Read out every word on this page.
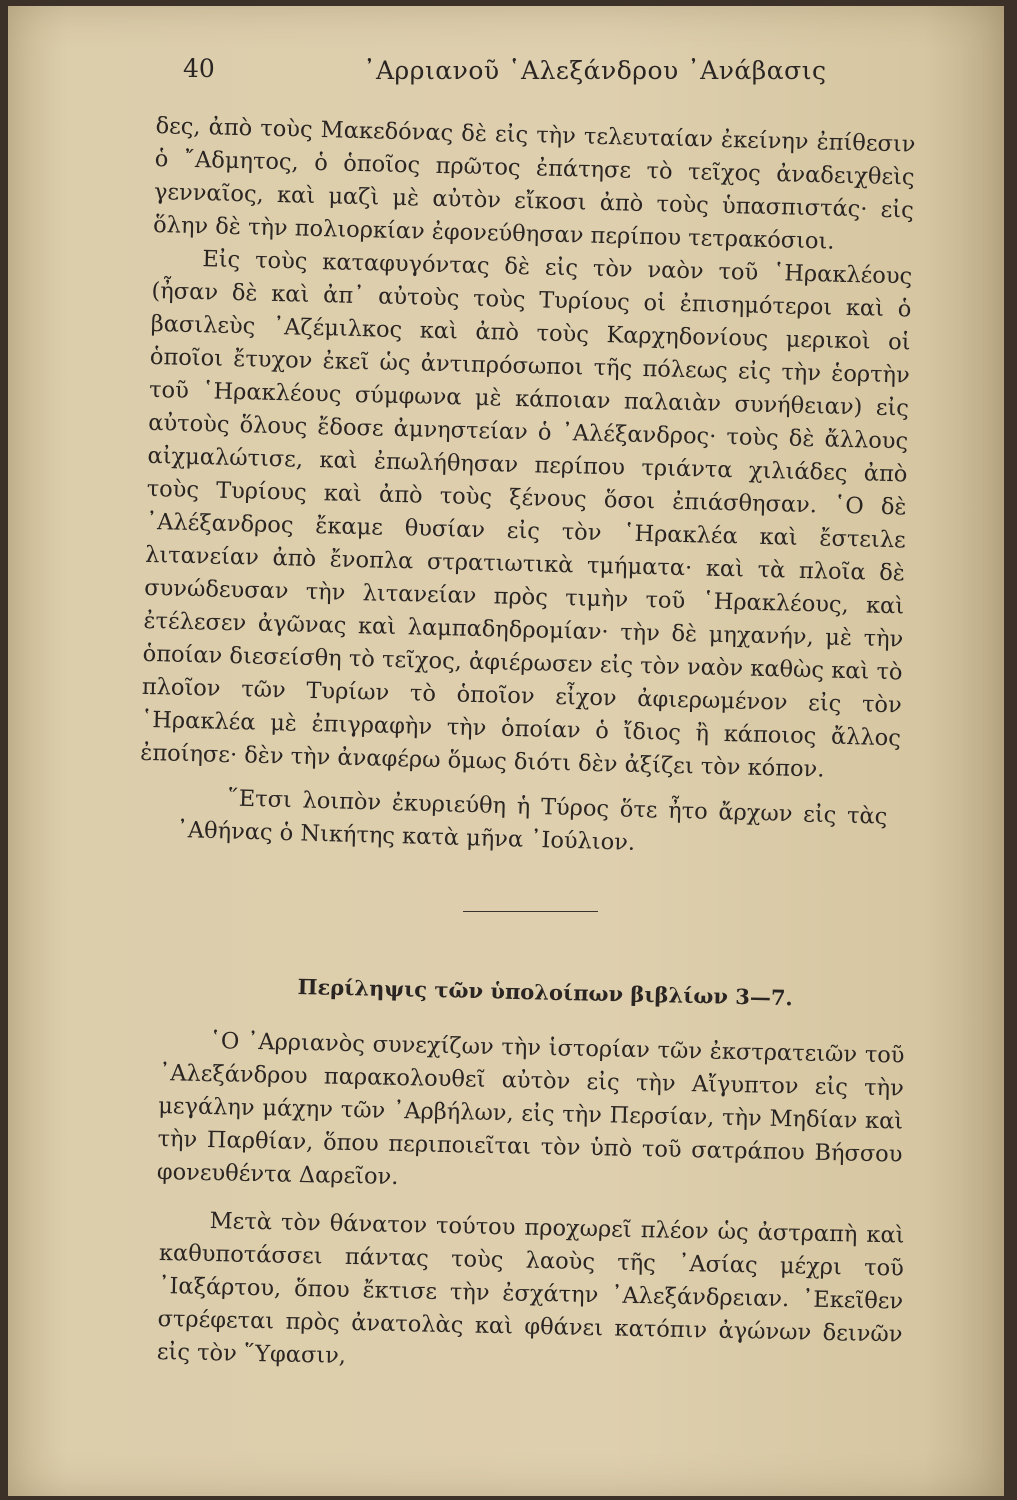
40	᾿Αρριανοῦ ῾Αλεξάνδρου ᾿Ανάβασις

δες, ἀπὸ τοὺς Μακεδόνας δὲ εἰς τὴν τελευταίαν ἐκείνην ἐπίθεσιν ὁ ῎Αδμητος, ὁ ὁποῖος πρῶτος ἐπάτησε τὸ τεῖχος ἀναδειχθεὶς γενναῖος, καὶ μαζὶ μὲ αὐτὸν εἴκοσι ἀπὸ τοὺς ὑπασπιστάς· εἰς ὅλην δὲ τὴν πολιορκίαν ἐφονεύθησαν περίπου τετρακόσιοι.

Εἰς τοὺς καταφυγόντας δὲ εἰς τὸν ναὸν τοῦ ῾Ηρακλέους (ἦσαν δὲ καὶ ἀπ᾿ αὐτοὺς τοὺς Τυρίους οἱ ἐπισημότεροι καὶ ὁ βασιλεὺς ᾿Αζέμιλκος καὶ ἀπὸ τοὺς Καρχηδονίους μερικοὶ οἱ ὁποῖοι ἔτυχον ἐκεῖ ὡς ἀντιπρόσωποι τῆς πόλεως εἰς τὴν ἑορτὴν τοῦ ῾Ηρακλέους σύμφωνα μὲ κάποιαν παλαιὰν συνήθειαν) εἰς αὐτοὺς ὅλους ἔδοσε ἀμνηστείαν ὁ ᾿Αλέξανδρος· τοὺς δὲ ἄλλους αἰχμαλώτισε, καὶ ἐπωλήθησαν περίπου τριάντα χιλιάδες ἀπὸ τοὺς Τυρίους καὶ ἀπὸ τοὺς ξένους ὅσοι ἐπιάσθησαν. ῾Ο δὲ ᾿Αλέξανδρος ἔκαμε θυσίαν εἰς τὸν ῾Ηρακλέα καὶ ἔστειλε λιτανείαν ἀπὸ ἔνοπλα στρατιωτικὰ τμήματα· καὶ τὰ πλοῖα δὲ συνώδευσαν τὴν λιτανείαν πρὸς τιμὴν τοῦ ῾Ηρακλέους, καὶ ἐτέλεσεν ἀγῶνας καὶ λαμπαδηδρομίαν· τὴν δὲ μηχανήν, μὲ τὴν ὁποίαν διεσείσθη τὸ τεῖχος, ἀφιέρωσεν εἰς τὸν ναὸν καθὼς καὶ τὸ πλοῖον τῶν Τυρίων τὸ ὁποῖον εἶχον ἀφιερωμένον εἰς τὸν ῾Ηρακλέα μὲ ἐπιγραφὴν τὴν ὁποίαν ὁ ἴδιος ἢ κάποιος ἄλλος ἐποίησε· δὲν τὴν ἀναφέρω ὅμως διότι δὲν ἀξίζει τὸν κόπον.

῞Ετσι λοιπὸν ἐκυριεύθη ἡ Τύρος ὅτε ἦτο ἄρχων εἰς τὰς ᾿Αθήνας ὁ Νικήτης κατὰ μῆνα ᾿Ιούλιον.

Περίληψις τῶν ὑπολοίπων βιβλίων 3—7.

῾Ο ᾿Αρριανὸς συνεχίζων τὴν ἱστορίαν τῶν ἐκστρατειῶν τοῦ ᾿Αλεξάνδρου παρακολουθεῖ αὐτὸν εἰς τὴν Αἴγυπτον εἰς τὴν μεγάλην μάχην τῶν ᾿Αρβήλων, εἰς τὴν Περσίαν, τὴν Μηδίαν καὶ τὴν Παρθίαν, ὅπου περιποιεῖται τὸν ὑπὸ τοῦ σατράπου Βήσσου φονευθέντα Δαρεῖον.

Μετὰ τὸν θάνατον τούτου προχωρεῖ πλέον ὡς ἀστραπὴ καὶ καθυποτάσσει πάντας τοὺς λαοὺς τῆς ᾿Ασίας μέχρι τοῦ ᾿Ιαξάρτου, ὅπου ἔκτισε τὴν ἐσχάτην ᾿Αλεξάνδρειαν. ᾿Εκεῖθεν στρέφεται πρὸς ἀνατολὰς καὶ φθάνει κατόπιν ἀγώνων δεινῶν εἰς τὸν ῞Υφασιν,
